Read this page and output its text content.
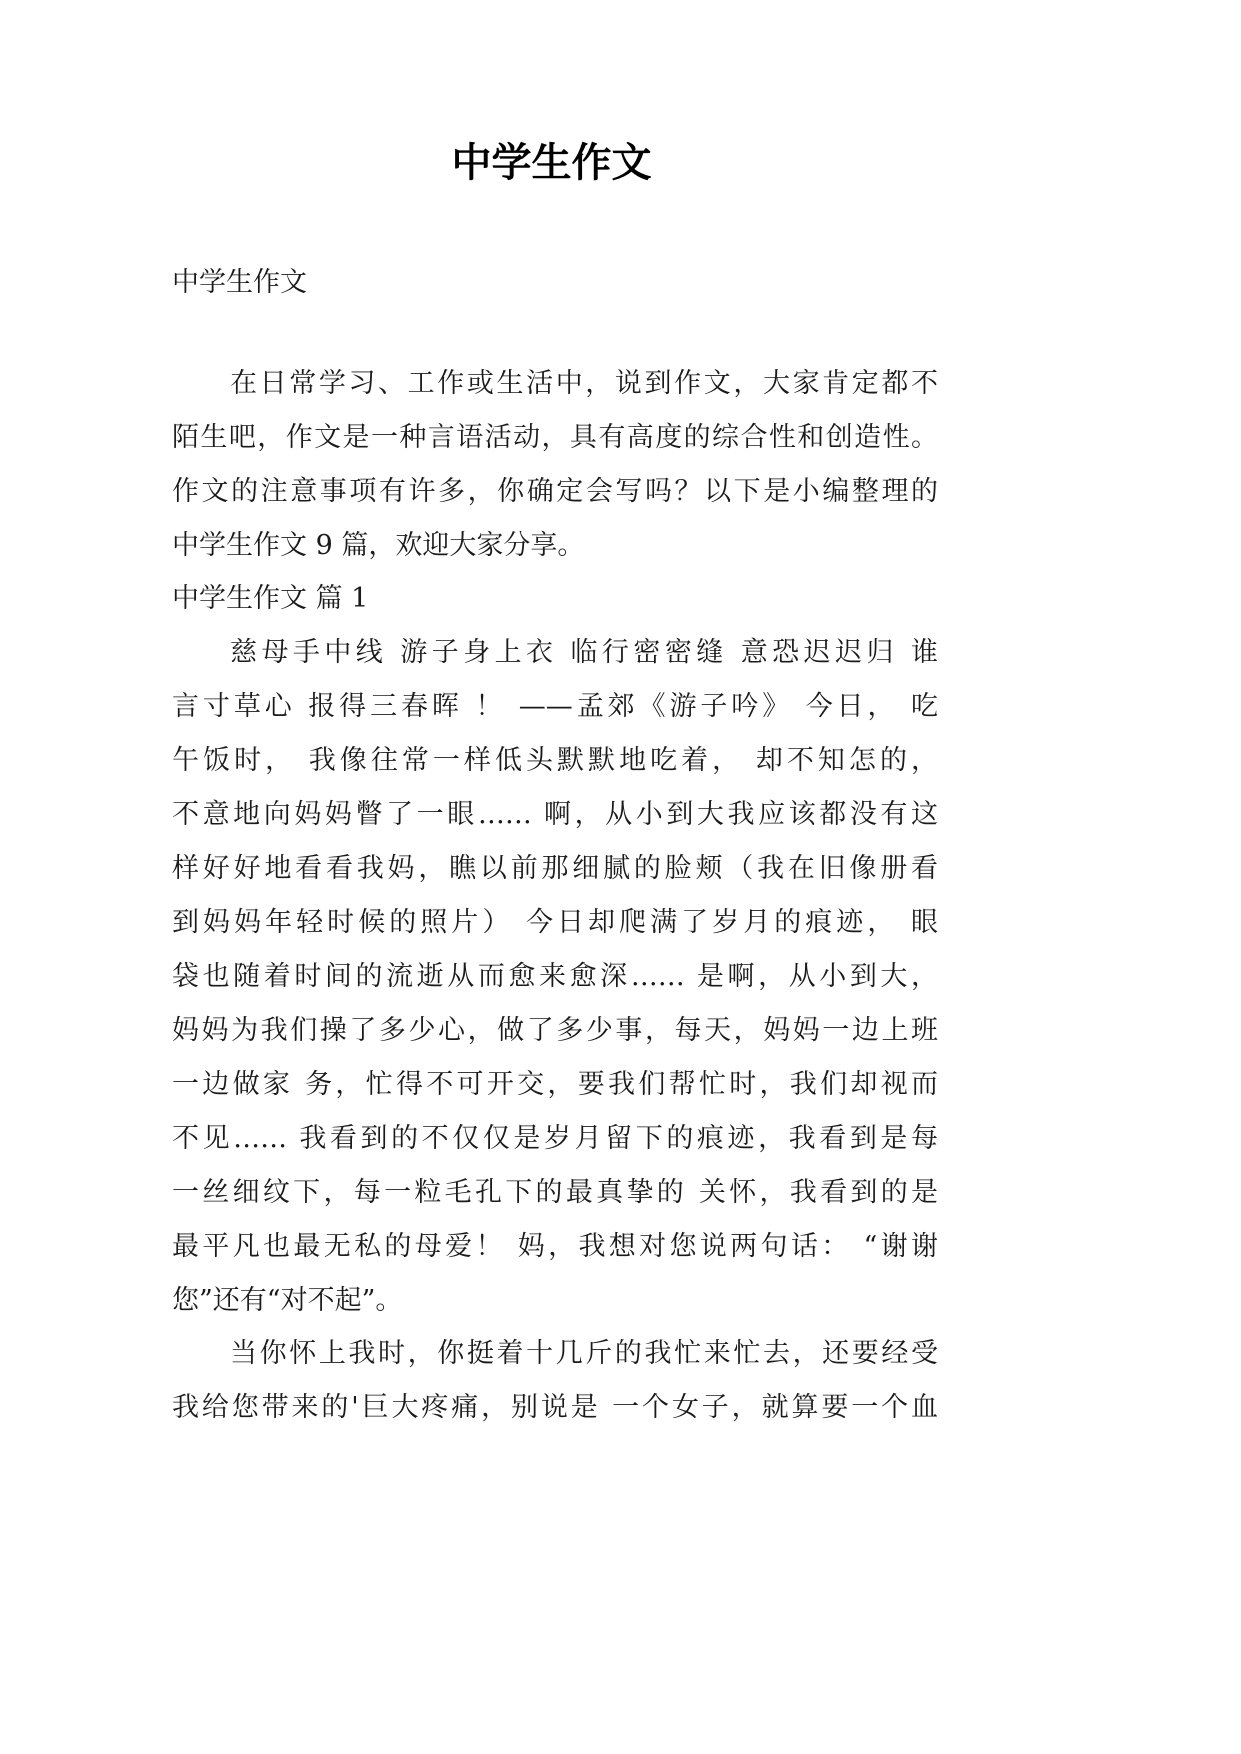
中学生作文

中学生作文

在日常学习、工作或生活中，说到作文，大家肯定都不
陌生吧，作文是一种言语活动，具有高度的综合性和创造性。
作文的注意事项有许多，你确定会写吗？以下是小编整理的
中学生作文 9 篇，欢迎大家分享。
中学生作文 篇 1
慈母手中线 游子身上衣 临行密密缝 意恐迟迟归 谁
言寸草心 报得三春晖 ！ ——孟郊《游子吟》 今日， 吃
午饭时， 我像往常一样低头默默地吃着， 却不知怎的，
不意地向妈妈瞥了一眼…… 啊，从小到大我应该都没有这
样好好地看看我妈，瞧以前那细腻的脸颊（我在旧像册看
到妈妈年轻时候的照片） 今日却爬满了岁月的痕迹， 眼
袋也随着时间的流逝从而愈来愈深…… 是啊，从小到大，
妈妈为我们操了多少心，做了多少事，每天，妈妈一边上班
一边做家 务，忙得不可开交，要我们帮忙时，我们却视而
不见…… 我看到的不仅仅是岁月留下的痕迹，我看到是每
一丝细纹下，每一粒毛孔下的最真挚的 关怀，我看到的是
最平凡也最无私的母爱！ 妈，我想对您说两句话： “谢谢
您”还有“对不起”。
当你怀上我时，你挺着十几斤的我忙来忙去，还要经受
我给您带来的'巨大疼痛，别说是 一个女子，就算要一个血
